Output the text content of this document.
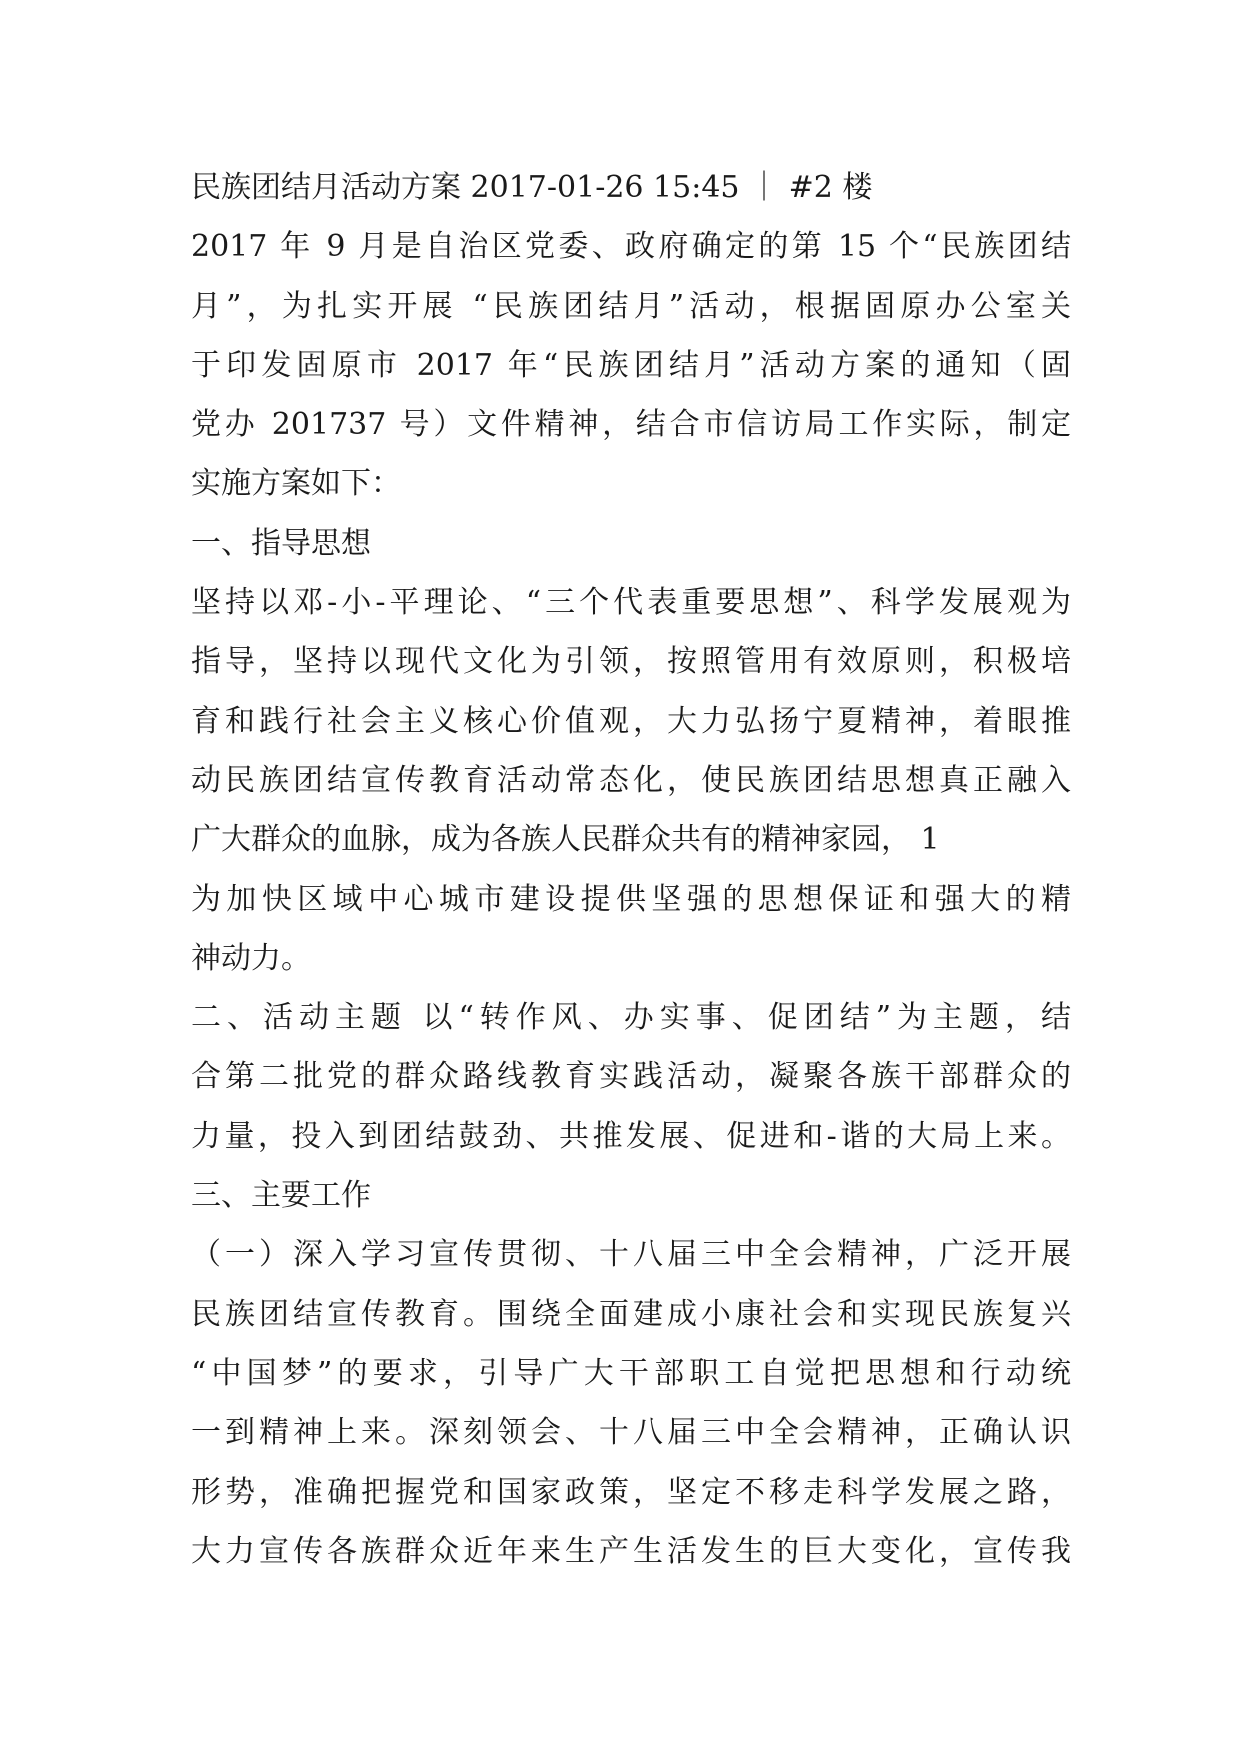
民族团结月活动方案 2017-01-26 15:45 ｜ #2 楼
2017 年 9 月是自治区党委、政府确定的第 15 个“民族团结
月”，为扎实开展 “民族团结月”活动，根据固原办公室关
于印发固原市 2017 年“民族团结月”活动方案的通知（固
党办 201737 号）文件精神，结合市信访局工作实际，制定
实施方案如下：
一、指导思想
坚持以邓-小-平理论、“三个代表重要思想”、科学发展观为
指导，坚持以现代文化为引领，按照管用有效原则，积极培
育和践行社会主义核心价值观，大力弘扬宁夏精神，着眼推
动民族团结宣传教育活动常态化，使民族团结思想真正融入
广大群众的血脉，成为各族人民群众共有的精神家园， 1
为加快区域中心城市建设提供坚强的思想保证和强大的精
神动力。
二、活动主题 以“转作风、办实事、促团结”为主题，结
合第二批党的群众路线教育实践活动，凝聚各族干部群众的
力量，投入到团结鼓劲、共推发展、促进和-谐的大局上来。
三、主要工作
（一）深入学习宣传贯彻、十八届三中全会精神，广泛开展
民族团结宣传教育。围绕全面建成小康社会和实现民族复兴
“中国梦”的要求，引导广大干部职工自觉把思想和行动统
一到精神上来。深刻领会、十八届三中全会精神，正确认识
形势，准确把握党和国家政策，坚定不移走科学发展之路，
大力宣传各族群众近年来生产生活发生的巨大变化，宣传我
